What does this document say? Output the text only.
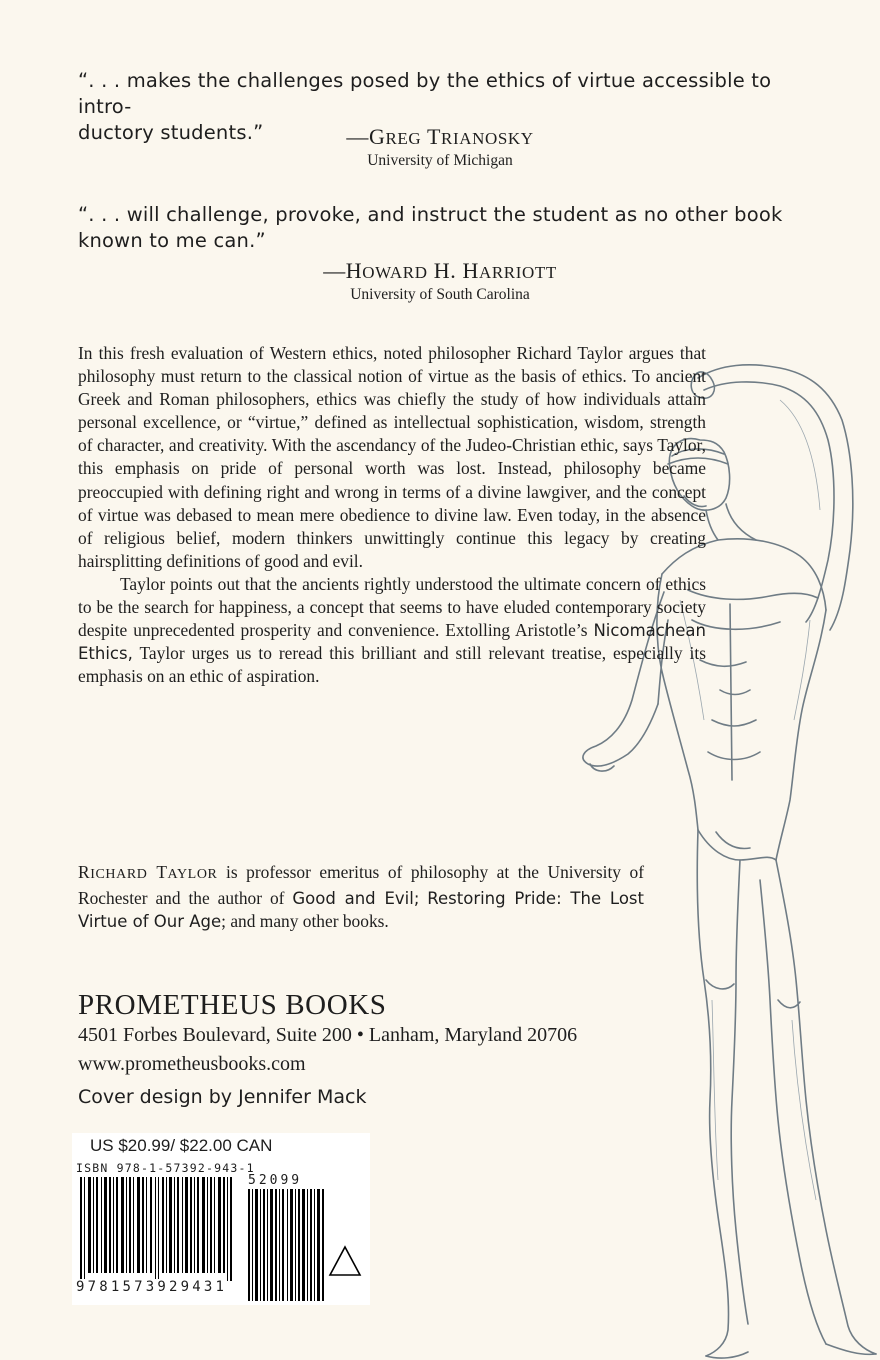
“. . . makes the challenges posed by the ethics of virtue accessible to intro-
ductory students.”	—GREG TRIANOSKY
University of Michigan
“. . . will challenge, provoke, and instruct the student as no other book
known to me can.”
—HOWARD H. HARRIOTT
University of South Carolina

In this fresh evaluation of Western ethics, noted philosopher Richard Taylor argues that philosophy must return to the classical notion of virtue as the basis of ethics. To ancient Greek and Roman philosophers, ethics was chiefly the study of how individuals attain personal excellence, or “virtue,” defined as intellectual sophistication, wisdom, strength of character, and creativity. With the ascendancy of the Judeo-Christian ethic, says Taylor, this emphasis on pride of personal worth was lost. Instead, philosophy became preoccupied with defining right and wrong in terms of a divine lawgiver, and the concept of virtue was debased to mean mere obedience to divine law. Even today, in the absence of religious belief, modern thinkers unwittingly continue this legacy by creating hairsplitting definitions of good and evil.

Taylor points out that the ancients rightly understood the ultimate concern of ethics to be the search for happiness, a concept that seems to have eluded contemporary society despite unprecedented prosperity and convenience. Extolling Aristotle’s Nicomachean Ethics, Taylor urges us to reread this brilliant and still relevant treatise, especially its emphasis on an ethic of aspiration.

RICHARD TAYLOR is professor emeritus of philosophy at the University of Rochester and the author of Good and Evil; Restoring Pride: The Lost Virtue of Our Age; and many other books.
PROMETHEUS BOOKS
4501 Forbes Boulevard, Suite 200 • Lanham, Maryland 20706
www.prometheusbooks.com
Cover design by Jennifer Mack
US $20.99/ $22.00 CAN
ISBN 978-1-57392-943-1
52099
9781573929431
